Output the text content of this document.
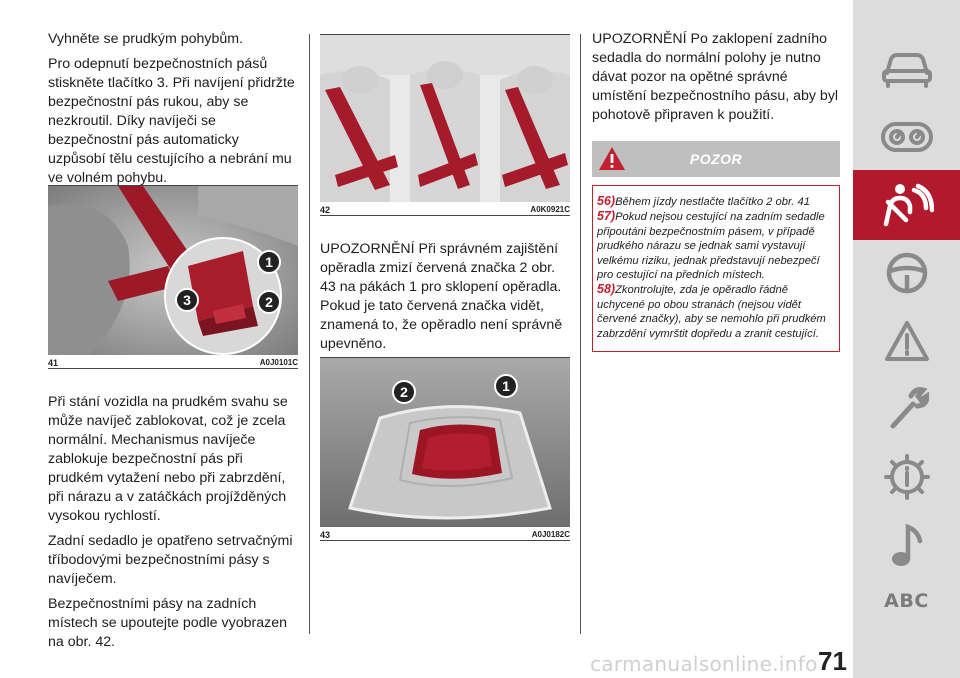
Vyhněte se prudkým pohybům.

Pro odepnutí bezpečnostních pásů stiskněte tlačítko 3. Při navíjení přidržte bezpečnostní pás rukou, aby se nezkroutil. Díky navíječi se bezpečnostní pás automaticky uzpůsobí tělu cestujícího a nebrání mu ve volném pohybu.

1
2
3
41	A0J0101C

Při stání vozidla na prudkém svahu se může navíječ zablokovat, což je zcela normální. Mechanismus navíječe zablokuje bezpečnostní pás při prudkém vytažení nebo při zabrzdění, při nárazu a v zatáčkách projížděných vysokou rychlostí.

Zadní sedadlo je opatřeno setrvačnými tříbodovými bezpečnostními pásy s navíječem.

Bezpečnostními pásy na zadních místech se upoutejte podle vyobrazen na obr. 42.

42	A0K0921C

UPOZORNĚNÍ Při správném zajištění opěradla zmizí červená značka 2 obr. 43 na pákách 1 pro sklopení opěradla. Pokud je tato červená značka vidět, znamená to, že opěradlo není správně upevněno.

2	1
43	A0J0182C

UPOZORNĚNÍ Po zaklopení zadního sedadla do normální polohy je nutno dávat pozor na opětné správné umístění bezpečnostního pásu, aby byl pohotově připraven k použití.

POZOR

56)Během jízdy nestlačte tlačítko 2 obr. 41

57)Pokud nejsou cestující na zadním sedadle připoutáni bezpečnostním pásem, v případě prudkého nárazu se jednak sami vystavují velkému riziku, jednak představují nebezpečí pro cestující na předních místech.

58)Zkontrolujte, zda je opěradlo řádně uchycené po obou stranách (nejsou vidět červené značky), aby se nemohlo při prudkém zabrzdění vymrštit dopředu a zranit cestující.

ABC
carmanualsonline.info 71
